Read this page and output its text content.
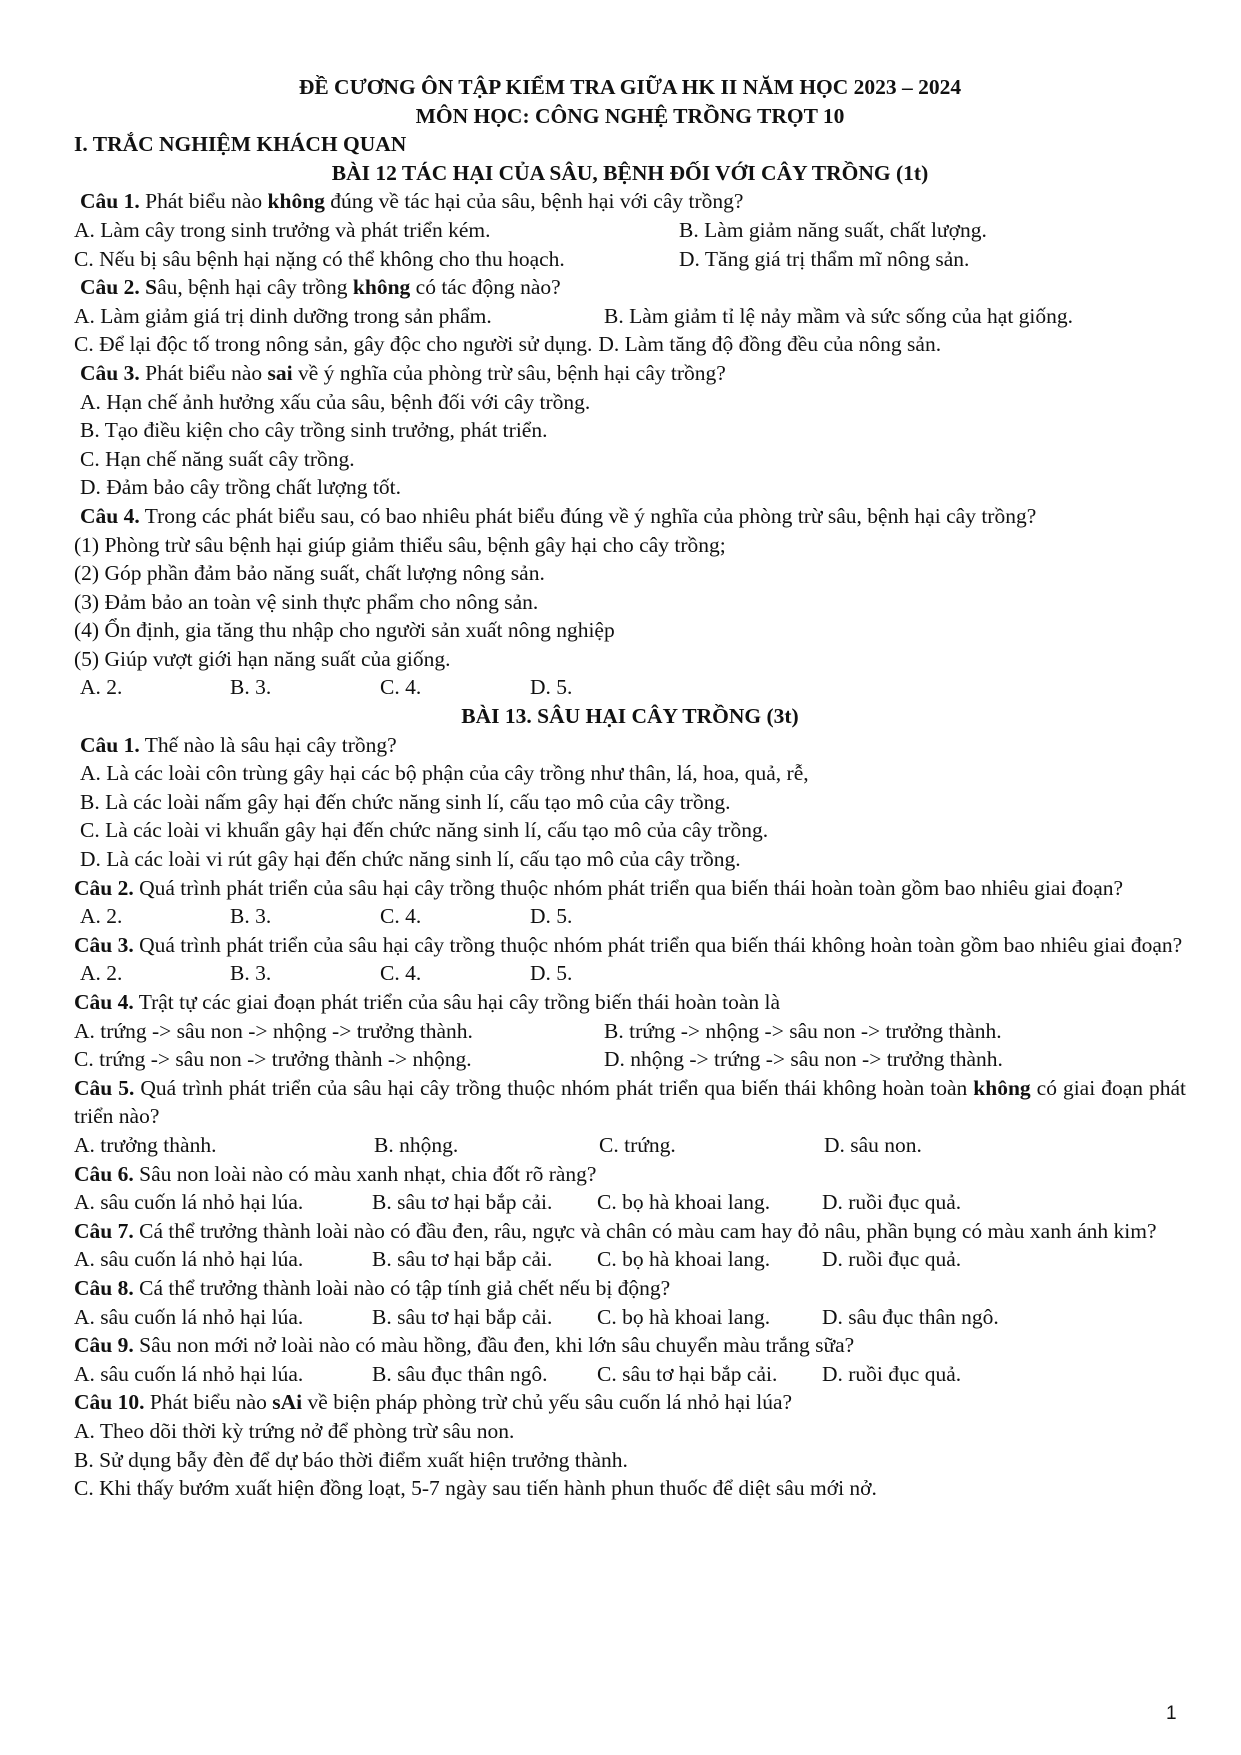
ĐỀ CƯƠNG ÔN TẬP KIỂM TRA GIỮA HK II NĂM HỌC 2023 – 2024
MÔN HỌC: CÔNG NGHỆ TRỒNG TRỌT 10
I. TRẮC NGHIỆM KHÁCH QUAN
BÀI 12 TÁC HẠI CỦA SÂU, BỆNH ĐỐI VỚI CÂY TRỒNG (1t)
Câu 1. Phát biểu nào không đúng về tác hại của sâu, bệnh hại với cây trồng?
A. Làm cây trong sinh trưởng và phát triển kém.	B. Làm giảm năng suất, chất lượng.
C. Nếu bị sâu bệnh hại nặng có thể không cho thu hoạch.	D. Tăng giá trị thẩm mĩ nông sản.
Câu 2. Sâu, bệnh hại cây trồng không có tác động nào?
A. Làm giảm giá trị dinh dưỡng trong sản phẩm.	B. Làm giảm tỉ lệ nảy mầm và sức sống của hạt giống.
C. Để lại độc tố trong nông sản, gây độc cho người sử dụng. D. Làm tăng độ đồng đều của nông sản.
Câu 3. Phát biểu nào sai về ý nghĩa của phòng trừ sâu, bệnh hại cây trồng?
A. Hạn chế ảnh hưởng xấu của sâu, bệnh đối với cây trồng.
B. Tạo điều kiện cho cây trồng sinh trưởng, phát triển.
C. Hạn chế năng suất cây trồng.
D. Đảm bảo cây trồng chất lượng tốt.
Câu 4. Trong các phát biểu sau, có bao nhiêu phát biểu đúng về ý nghĩa của phòng trừ sâu, bệnh hại cây trồng?
(1) Phòng trừ sâu bệnh hại giúp giảm thiểu sâu, bệnh gây hại cho cây trồng;
(2) Góp phần đảm bảo năng suất, chất lượng nông sản.
(3) Đảm bảo an toàn vệ sinh thực phẩm cho nông sản.
(4) Ổn định, gia tăng thu nhập cho người sản xuất nông nghiệp
(5) Giúp vượt giới hạn năng suất của giống.
A. 2.	B. 3.	C. 4.	D. 5.
BÀI 13. SÂU HẠI CÂY TRỒNG (3t)
Câu 1. Thế nào là sâu hại cây trồng?
A. Là các loài côn trùng gây hại các bộ phận của cây trồng như thân, lá, hoa, quả, rễ,
B. Là các loài nấm gây hại đến chức năng sinh lí, cấu tạo mô của cây trồng.
C. Là các loài vi khuẩn gây hại đến chức năng sinh lí, cấu tạo mô của cây trồng.
D. Là các loài vi rút gây hại đến chức năng sinh lí, cấu tạo mô của cây trồng.
Câu 2. Quá trình phát triển của sâu hại cây trồng thuộc nhóm phát triển qua biến thái hoàn toàn gồm bao nhiêu giai đoạn?
A. 2.	B. 3.	C. 4.	D. 5.
Câu 3. Quá trình phát triển của sâu hại cây trồng thuộc nhóm phát triển qua biến thái không hoàn toàn gồm bao nhiêu giai đoạn?
A. 2.	B. 3.	C. 4.	D. 5.
Câu 4. Trật tự các giai đoạn phát triển của sâu hại cây trồng biến thái hoàn toàn là
A. trứng -> sâu non -> nhộng -> trưởng thành.	B. trứng -> nhộng -> sâu non -> trưởng thành.
C. trứng -> sâu non -> trưởng thành -> nhộng.	D. nhộng -> trứng -> sâu non -> trưởng thành.
Câu 5. Quá trình phát triển của sâu hại cây trồng thuộc nhóm phát triển qua biến thái không hoàn toàn không có giai đoạn phát triển nào?
A. trưởng thành.	B. nhộng.	C. trứng.	D. sâu non.
Câu 6. Sâu non loài nào có màu xanh nhạt, chia đốt rõ ràng?
A. sâu cuốn lá nhỏ hại lúa.	B. sâu tơ hại bắp cải.	C. bọ hà khoai lang.	D. ruồi đục quả.
Câu 7. Cá thể trưởng thành loài nào có đầu đen, râu, ngực và chân có màu cam hay đỏ nâu, phần bụng có màu xanh ánh kim?
A. sâu cuốn lá nhỏ hại lúa.	B. sâu tơ hại bắp cải.	C. bọ hà khoai lang.	D. ruồi đục quả.
Câu 8. Cá thể trưởng thành loài nào có tập tính giả chết nếu bị động?
A. sâu cuốn lá nhỏ hại lúa.	B. sâu tơ hại bắp cải.	C. bọ hà khoai lang.	D. sâu đục thân ngô.
Câu 9. Sâu non mới nở loài nào có màu hồng, đầu đen, khi lớn sâu chuyển màu trắng sữa?
A. sâu cuốn lá nhỏ hại lúa.	B. sâu đục thân ngô.	C. sâu tơ hại bắp cải.	D. ruồi đục quả.
Câu 10. Phát biểu nào sAi về biện pháp phòng trừ chủ yếu sâu cuốn lá nhỏ hại lúa?
A. Theo dõi thời kỳ trứng nở để phòng trừ sâu non.
B. Sử dụng bẫy đèn để dự báo thời điểm xuất hiện trưởng thành.
C. Khi thấy bướm xuất hiện đồng loạt, 5-7 ngày sau tiến hành phun thuốc để diệt sâu mới nở.
1
